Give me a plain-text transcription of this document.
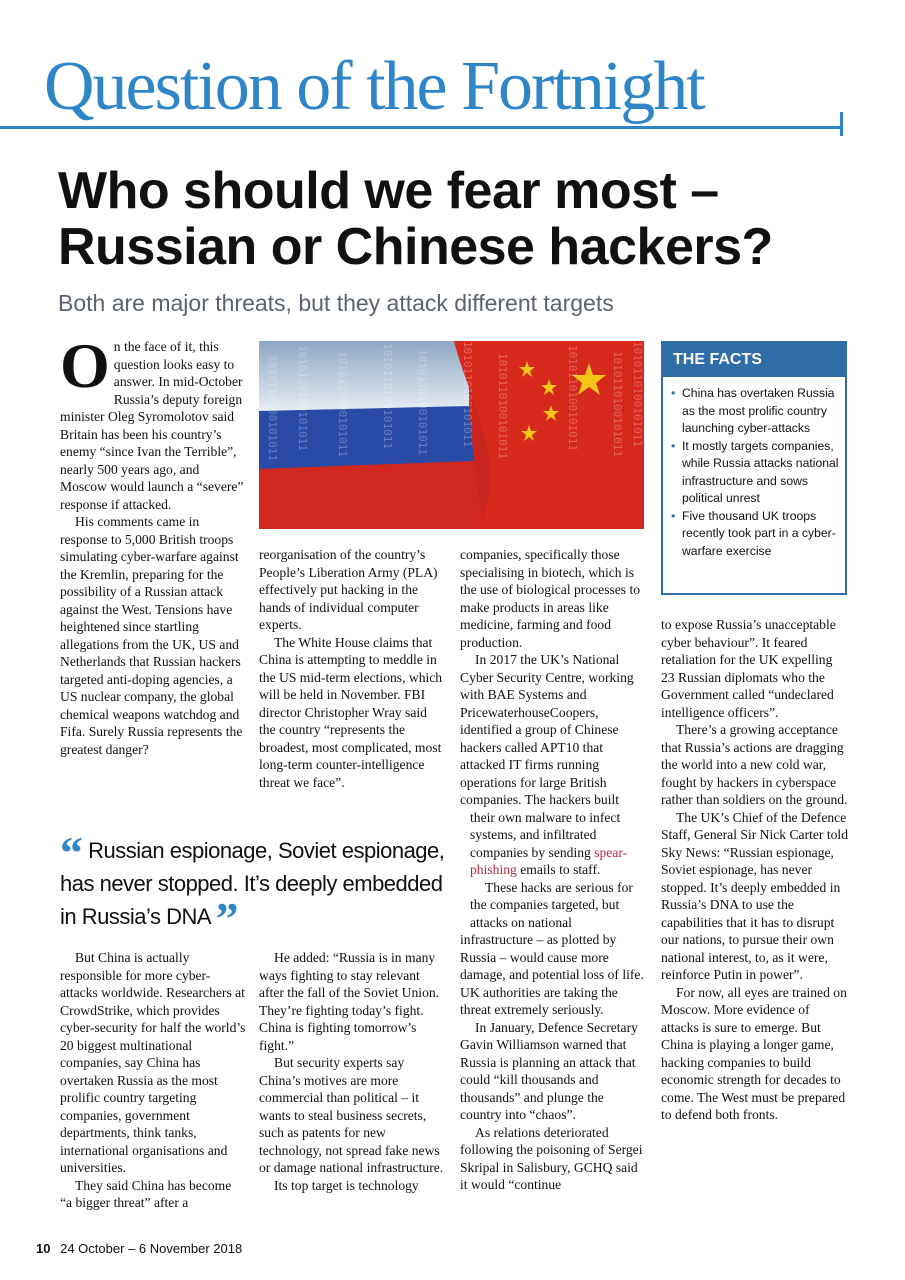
Question of the Fortnight
Who should we fear most –
Russian or Chinese hackers?
Both are major threats, but they attack different targets

On the face of it, this question looks easy to answer. In mid-October Russia’s deputy foreign minister Oleg Syromolotov said Britain has been his country’s enemy “since Ivan the Terrible”, nearly 500 years ago, and Moscow would launch a “severe” response if attacked.

His comments came in response to 5,000 British troops simulating cyber-warfare against the Kremlin, preparing for the possibility of a Russian attack against the West. Tensions have heightened since startling allegations from the UK, US and Netherlands that Russian hackers targeted anti-doping agencies, a US nuclear company, the global chemical weapons watchdog and Fifa. Surely Russia represents the greatest danger?

1010110100101011 1010110100101011 1010110100101011	1010110100101011 1010110100101011	1010110100101011 1010110100101011	1010110100101011	1010110100101011 1010110100101011	THE FACTS
• China has overtaken Russia as the most prolific country launching cyber-attacks
• It mostly targets companies, while Russia attacks national infrastructure and sows political unrest
• Five thousand UK troops recently took part in a cyber-warfare exercise

reorganisation of the country’s People’s Liberation Army (PLA) effectively put hacking in the hands of individual computer experts.

The White House claims that China is attempting to meddle in the US mid-term elections, which will be held in November. FBI director Christopher Wray said the country “represents the broadest, most complicated, most long-term counter-intelligence threat we face”.

companies, specifically those specialising in biotech, which is the use of biological processes to make products in areas like medicine, farming and food production.

In 2017 the UK’s National Cyber Security Centre, working with BAE Systems and PricewaterhouseCoopers, identified a group of Chinese hackers called APT10 that attacked IT firms running operations for large British companies. The hackers built

their own malware to infect systems, and infiltrated companies by sending spear-phishing emails to staff.

These hacks are serious for the companies targeted, but attacks on national

infrastructure – as plotted by Russia – would cause more damage, and potential loss of life. UK authorities are taking the threat extremely seriously.

In January, Defence Secretary Gavin Williamson warned that Russia is planning an attack that could “kill thousands and thousands” and plunge the country into “chaos”.

As relations deteriorated following the poisoning of Sergei Skripal in Salisbury, GCHQ said it would “continue

to expose Russia’s unacceptable cyber behaviour”. It feared retaliation for the UK expelling 23 Russian diplomats who the Government called “undeclared intelligence officers”.

There’s a growing acceptance that Russia’s actions are dragging the world into a new cold war, fought by hackers in cyberspace rather than soldiers on the ground.

The UK’s Chief of the Defence Staff, General Sir Nick Carter told Sky News: “Russian espionage, Soviet espionage, has never stopped. It’s deeply embedded in Russia’s DNA to use the capabilities that it has to disrupt our nations, to pursue their own national interest, to, as it were, reinforce Putin in power”.

For now, all eyes are trained on Moscow. More evidence of attacks is sure to emerge. But China is playing a longer game, hacking companies to build economic strength for decades to come. The West must be prepared to defend both fronts.

“ Russian espionage, Soviet espionage, has never stopped. It’s deeply embedded in Russia’s DNA ”

But China is actually responsible for more cyber-attacks worldwide. Researchers at CrowdStrike, which provides cyber-security for half the world’s 20 biggest multinational companies, say China has overtaken Russia as the most prolific country targeting companies, government departments, think tanks, international organisations and universities.

They said China has become “a bigger threat” after a

He added: “Russia is in many ways fighting to stay relevant after the fall of the Soviet Union. They’re fighting today’s fight. China is fighting tomorrow’s fight.”

But security experts say China’s motives are more commercial than political – it wants to steal business secrets, such as patents for new technology, not spread fake news or damage national infrastructure.

Its top target is technology

10 24 October – 6 November 2018
